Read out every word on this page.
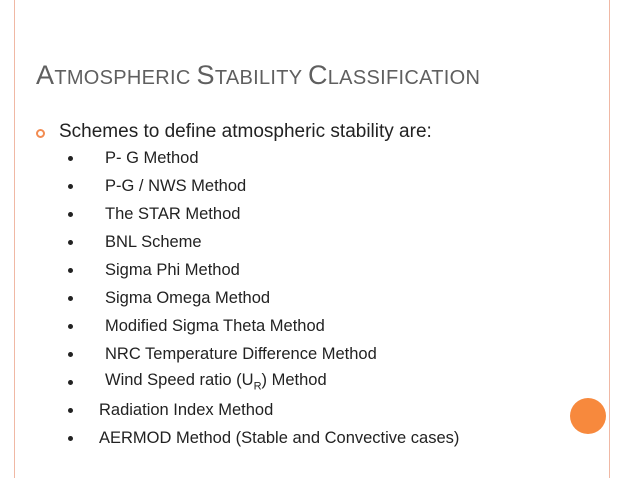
ATMOSPHERIC STABILITY CLASSIFICATION
Schemes to define atmospheric stability are:
P- G Method
P-G / NWS Method
The STAR Method
BNL Scheme
Sigma Phi Method
Sigma Omega Method
Modified Sigma Theta Method
NRC Temperature Difference Method
Wind Speed ratio $(U_R)$ Method
Radiation Index Method
AERMOD Method (Stable and Convective cases)
